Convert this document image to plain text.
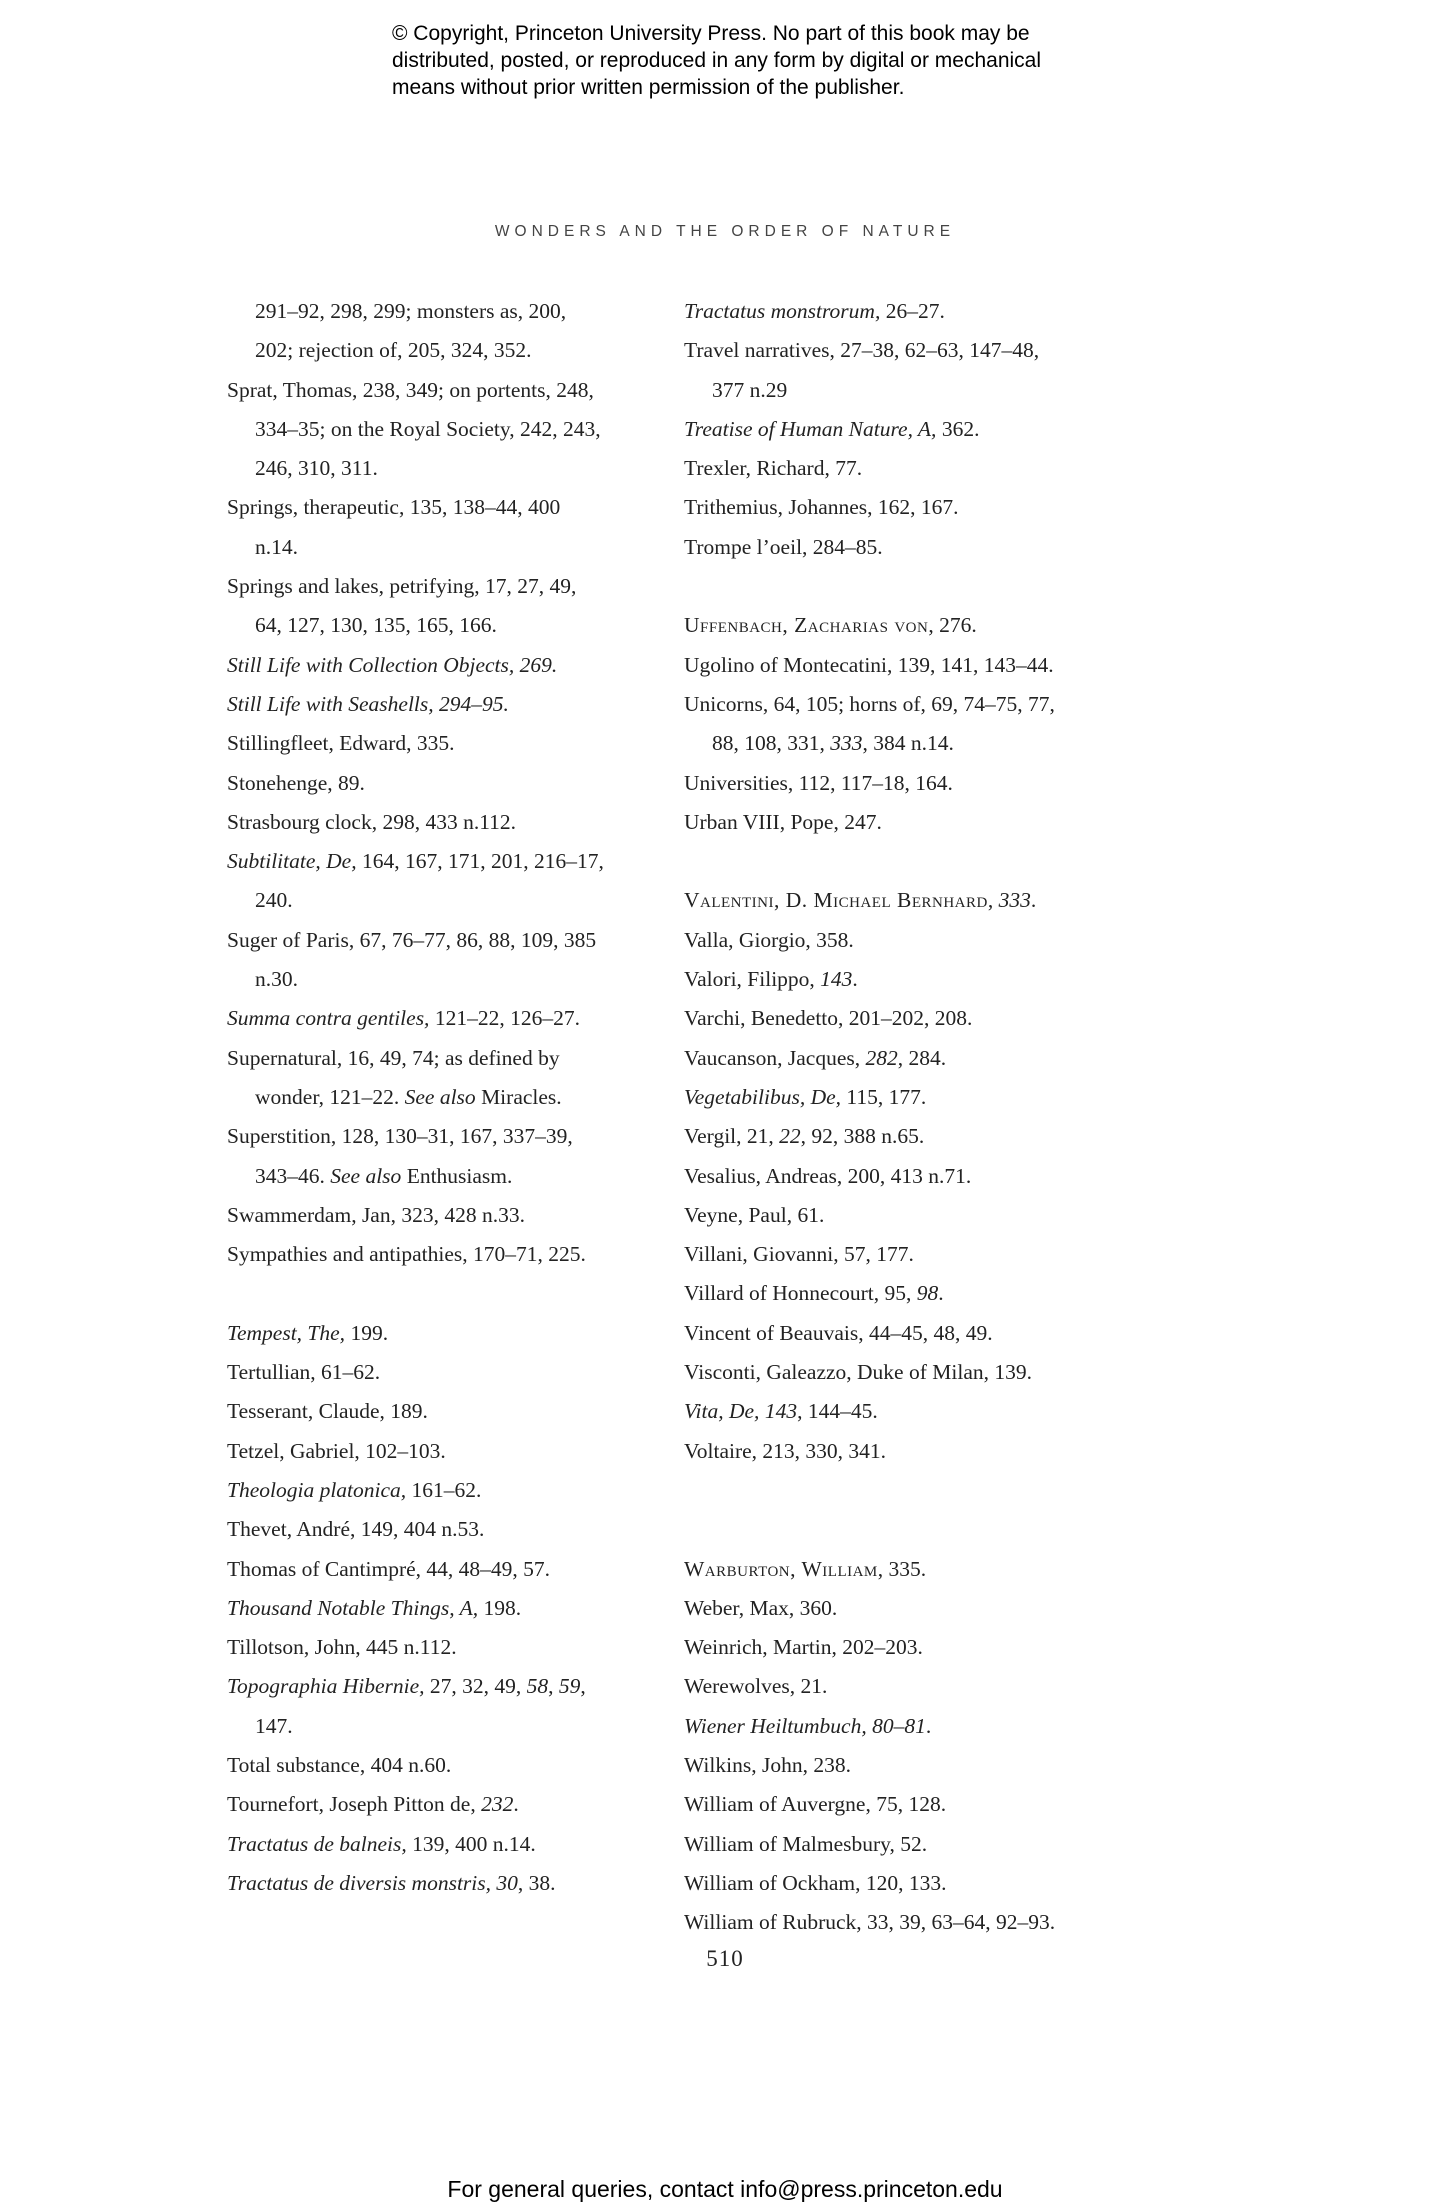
© Copyright, Princeton University Press. No part of this book may be
distributed, posted, or reproduced in any form by digital or mechanical
means without prior written permission of the publisher.
WONDERS AND THE ORDER OF NATURE
291–92, 298, 299; monsters as, 200,
202; rejection of, 205, 324, 352.
Sprat, Thomas, 238, 349; on portents, 248,
334–35; on the Royal Society, 242, 243,
246, 310, 311.
Springs, therapeutic, 135, 138–44, 400
n.14.
Springs and lakes, petrifying, 17, 27, 49,
64, 127, 130, 135, 165, 166.
Still Life with Collection Objects, 269.
Still Life with Seashells, 294–95.
Stillingfleet, Edward, 335.
Stonehenge, 89.
Strasbourg clock, 298, 433 n.112.
Subtilitate, De, 164, 167, 171, 201, 216–17,
240.
Suger of Paris, 67, 76–77, 86, 88, 109, 385
n.30.
Summa contra gentiles, 121–22, 126–27.
Supernatural, 16, 49, 74; as defined by
wonder, 121–22. See also Miracles.
Superstition, 128, 130–31, 167, 337–39,
343–46. See also Enthusiasm.
Swammerdam, Jan, 323, 428 n.33.
Sympathies and antipathies, 170–71, 225.
Tempest, The, 199.
Tertullian, 61–62.
Tesserant, Claude, 189.
Tetzel, Gabriel, 102–103.
Theologia platonica, 161–62.
Thevet, André, 149, 404 n.53.
Thomas of Cantimpré, 44, 48–49, 57.
Thousand Notable Things, A, 198.
Tillotson, John, 445 n.112.
Topographia Hibernie, 27, 32, 49, 58, 59,
147.
Total substance, 404 n.60.
Tournefort, Joseph Pitton de, 232.
Tractatus de balneis, 139, 400 n.14.
Tractatus de diversis monstris, 30, 38.
Tractatus monstrorum, 26–27.
Travel narratives, 27–38, 62–63, 147–48,
377 n.29
Treatise of Human Nature, A, 362.
Trexler, Richard, 77.
Trithemius, Johannes, 162, 167.
Trompe l’oeil, 284–85.
Uffenbach, Zacharias von, 276.
Ugolino of Montecatini, 139, 141, 143–44.
Unicorns, 64, 105; horns of, 69, 74–75, 77,
88, 108, 331, 333, 384 n.14.
Universities, 112, 117–18, 164.
Urban VIII, Pope, 247.
Valentini, D. Michael Bernhard, 333.
Valla, Giorgio, 358.
Valori, Filippo, 143.
Varchi, Benedetto, 201–202, 208.
Vaucanson, Jacques, 282, 284.
Vegetabilibus, De, 115, 177.
Vergil, 21, 22, 92, 388 n.65.
Vesalius, Andreas, 200, 413 n.71.
Veyne, Paul, 61.
Villani, Giovanni, 57, 177.
Villard of Honnecourt, 95, 98.
Vincent of Beauvais, 44–45, 48, 49.
Visconti, Galeazzo, Duke of Milan, 139.
Vita, De, 143, 144–45.
Voltaire, 213, 330, 341.
Warburton, William, 335.
Weber, Max, 360.
Weinrich, Martin, 202–203.
Werewolves, 21.
Wiener Heiltumbuch, 80–81.
Wilkins, John, 238.
William of Auvergne, 75, 128.
William of Malmesbury, 52.
William of Ockham, 120, 133.
William of Rubruck, 33, 39, 63–64, 92–93.
510
For general queries, contact info@press.princeton.edu
